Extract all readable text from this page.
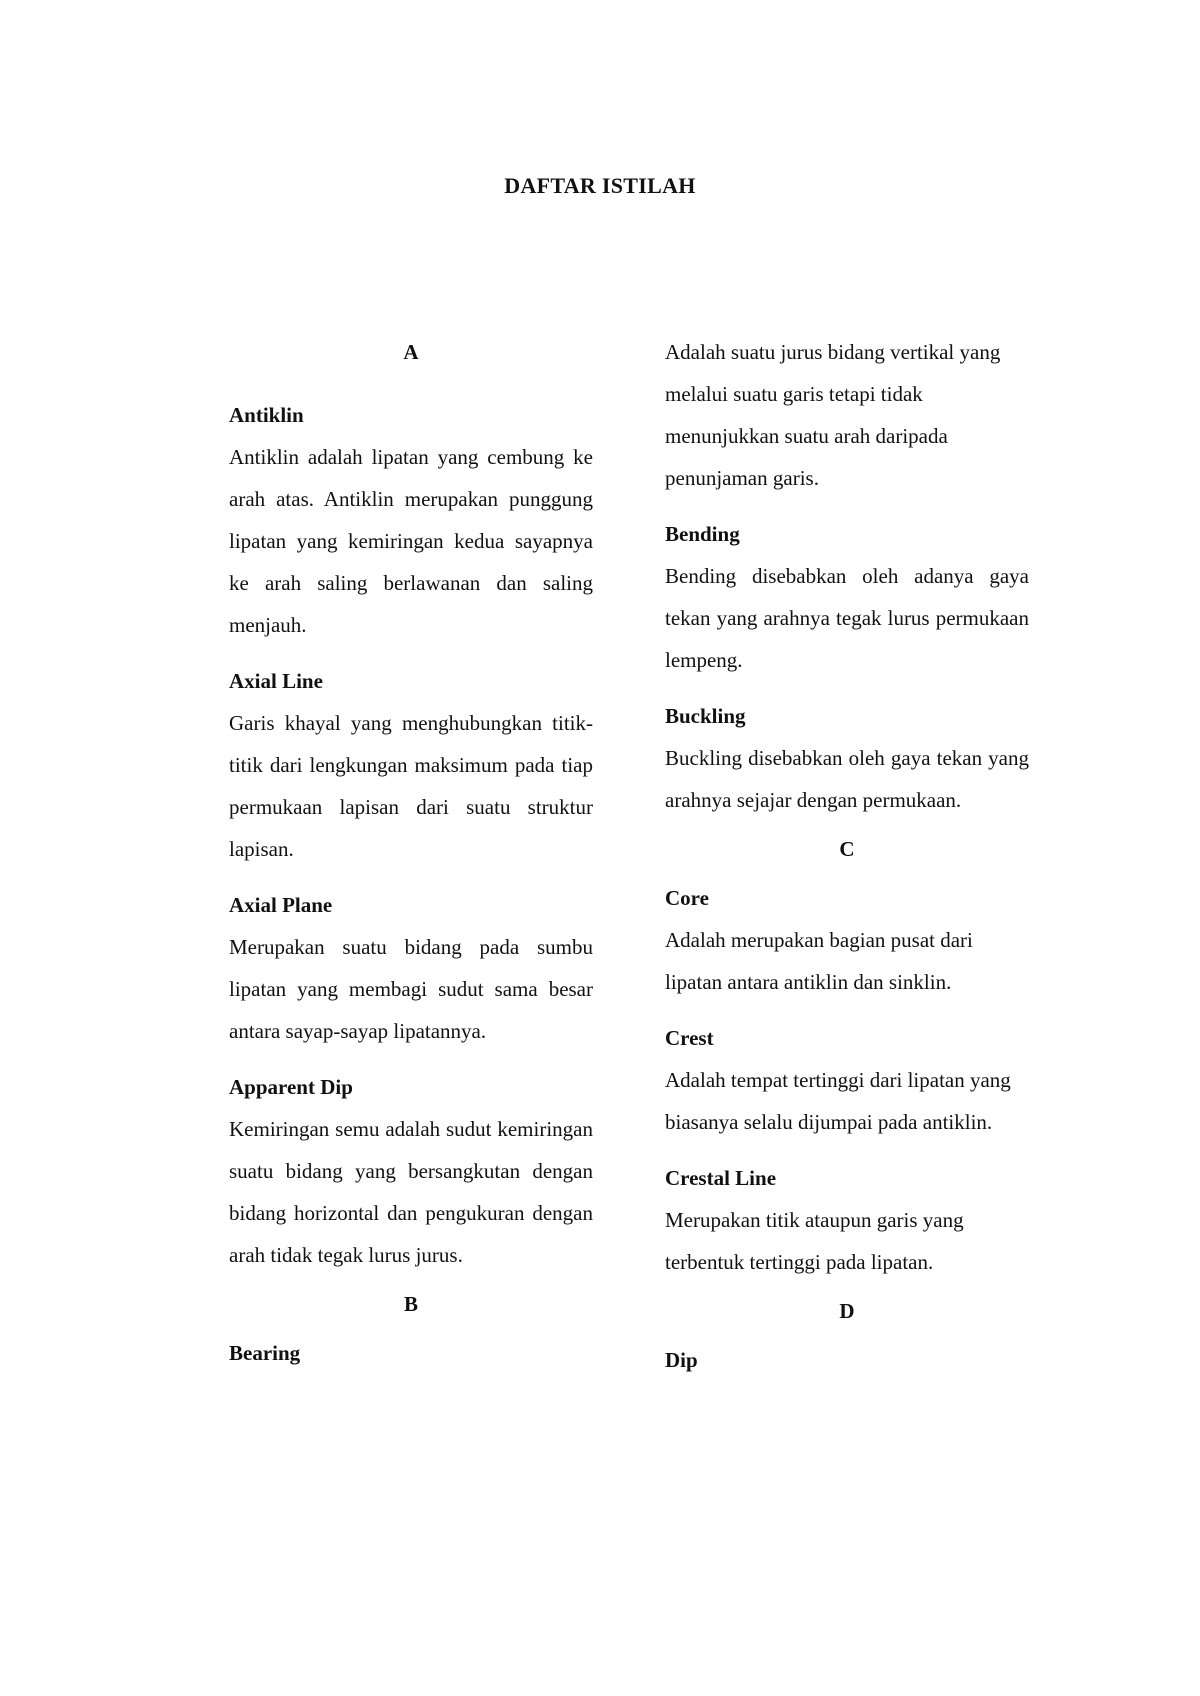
DAFTAR ISTILAH
A
Antiklin
Antiklin adalah lipatan yang cembung ke arah atas. Antiklin merupakan punggung lipatan yang kemiringan kedua sayapnya ke arah saling berlawanan dan saling menjauh.
Axial Line
Garis khayal yang menghubungkan titik-titik dari lengkungan maksimum pada tiap permukaan lapisan dari suatu struktur lapisan.
Axial Plane
Merupakan suatu bidang pada sumbu lipatan yang membagi sudut sama besar antara sayap-sayap lipatannya.
Apparent Dip
Kemiringan semu adalah sudut kemiringan suatu bidang yang bersangkutan dengan bidang horizontal dan pengukuran dengan arah tidak tegak lurus jurus.
B
Bearing
Adalah suatu jurus bidang vertikal yang melalui suatu garis tetapi tidak menunjukkan suatu arah daripada penunjaman garis.
Bending
Bending disebabkan oleh adanya gaya tekan yang arahnya tegak lurus permukaan lempeng.
Buckling
Buckling disebabkan oleh gaya tekan yang arahnya sejajar dengan permukaan.
C
Core
Adalah merupakan bagian pusat dari lipatan antara antiklin dan sinklin.
Crest
Adalah tempat tertinggi dari lipatan yang biasanya selalu dijumpai pada antiklin.
Crestal Line
Merupakan titik ataupun garis yang terbentuk tertinggi pada lipatan.
D
Dip
